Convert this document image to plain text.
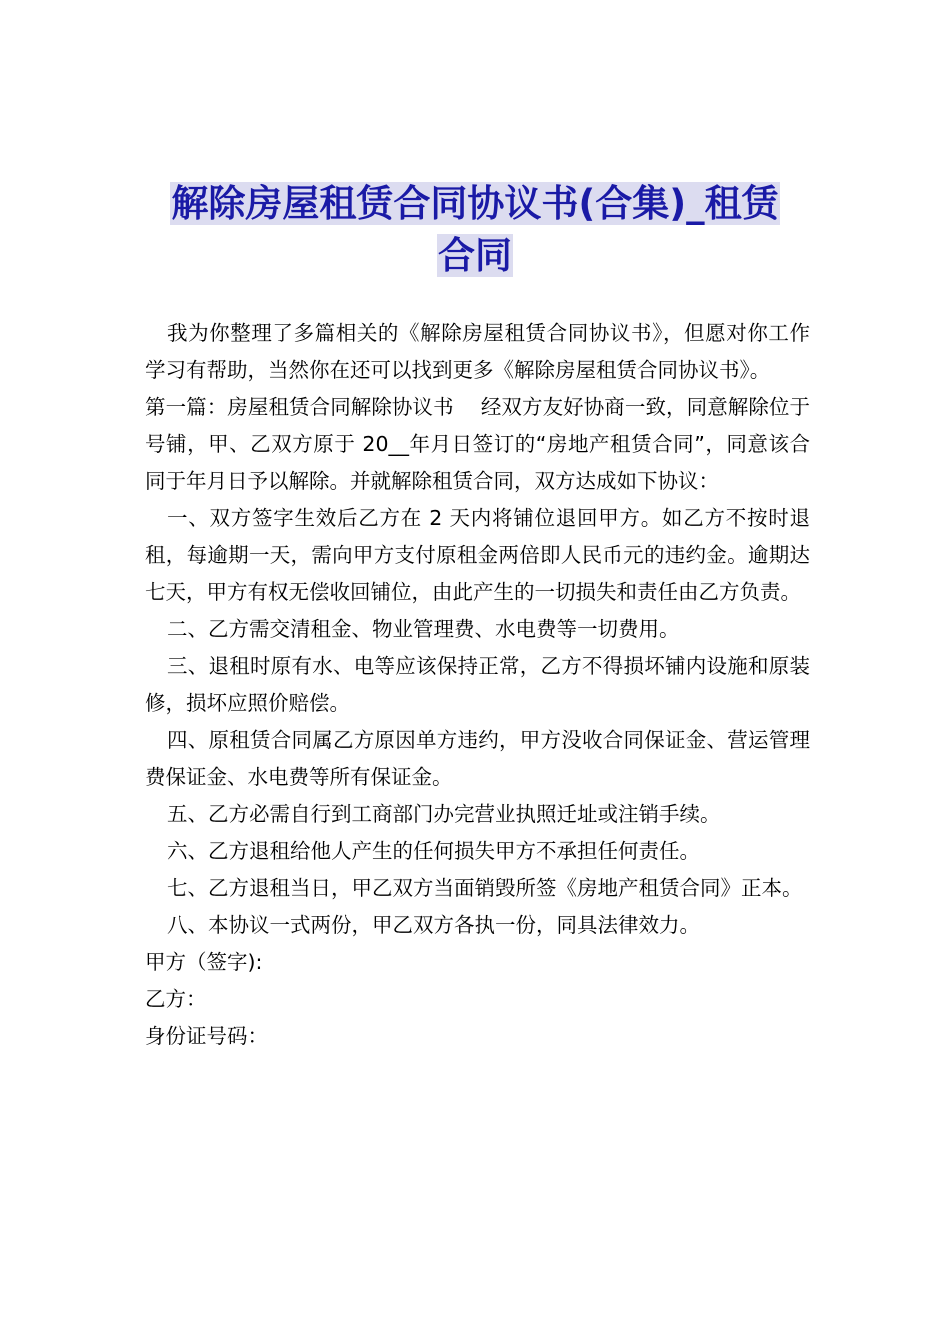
解除房屋租赁合同协议书(合集)_租赁
合同

我为你整理了多篇相关的《解除房屋租赁合同协议书》，但愿对你工作学习有帮助，当然你在还可以找到更多《解除房屋租赁合同协议书》。

第一篇：房屋租赁合同解除协议书　 经双方友好协商一致，同意解除位于号铺，甲、乙双方原于 20__年月日签订的“房地产租赁合同”，同意该合同于年月日予以解除。并就解除租赁合同，双方达成如下协议：

一、双方签字生效后乙方在 2 天内将铺位退回甲方。如乙方不按时退租，每逾期一天，需向甲方支付原租金两倍即人民币元的违约金。逾期达七天，甲方有权无偿收回铺位，由此产生的一切损失和责任由乙方负责。

二、乙方需交清租金、物业管理费、水电费等一切费用。

三、退租时原有水、电等应该保持正常，乙方不得损坏铺内设施和原装修，损坏应照价赔偿。

四、原租赁合同属乙方原因单方违约，甲方没收合同保证金、营运管理费保证金、水电费等所有保证金。

五、乙方必需自行到工商部门办完营业执照迁址或注销手续。

六、乙方退租给他人产生的任何损失甲方不承担任何责任。

七、乙方退租当日，甲乙双方当面销毁所签《房地产租赁合同》正本。

八、本协议一式两份，甲乙双方各执一份，同具法律效力。

甲方（签字):

乙方：

身份证号码：
